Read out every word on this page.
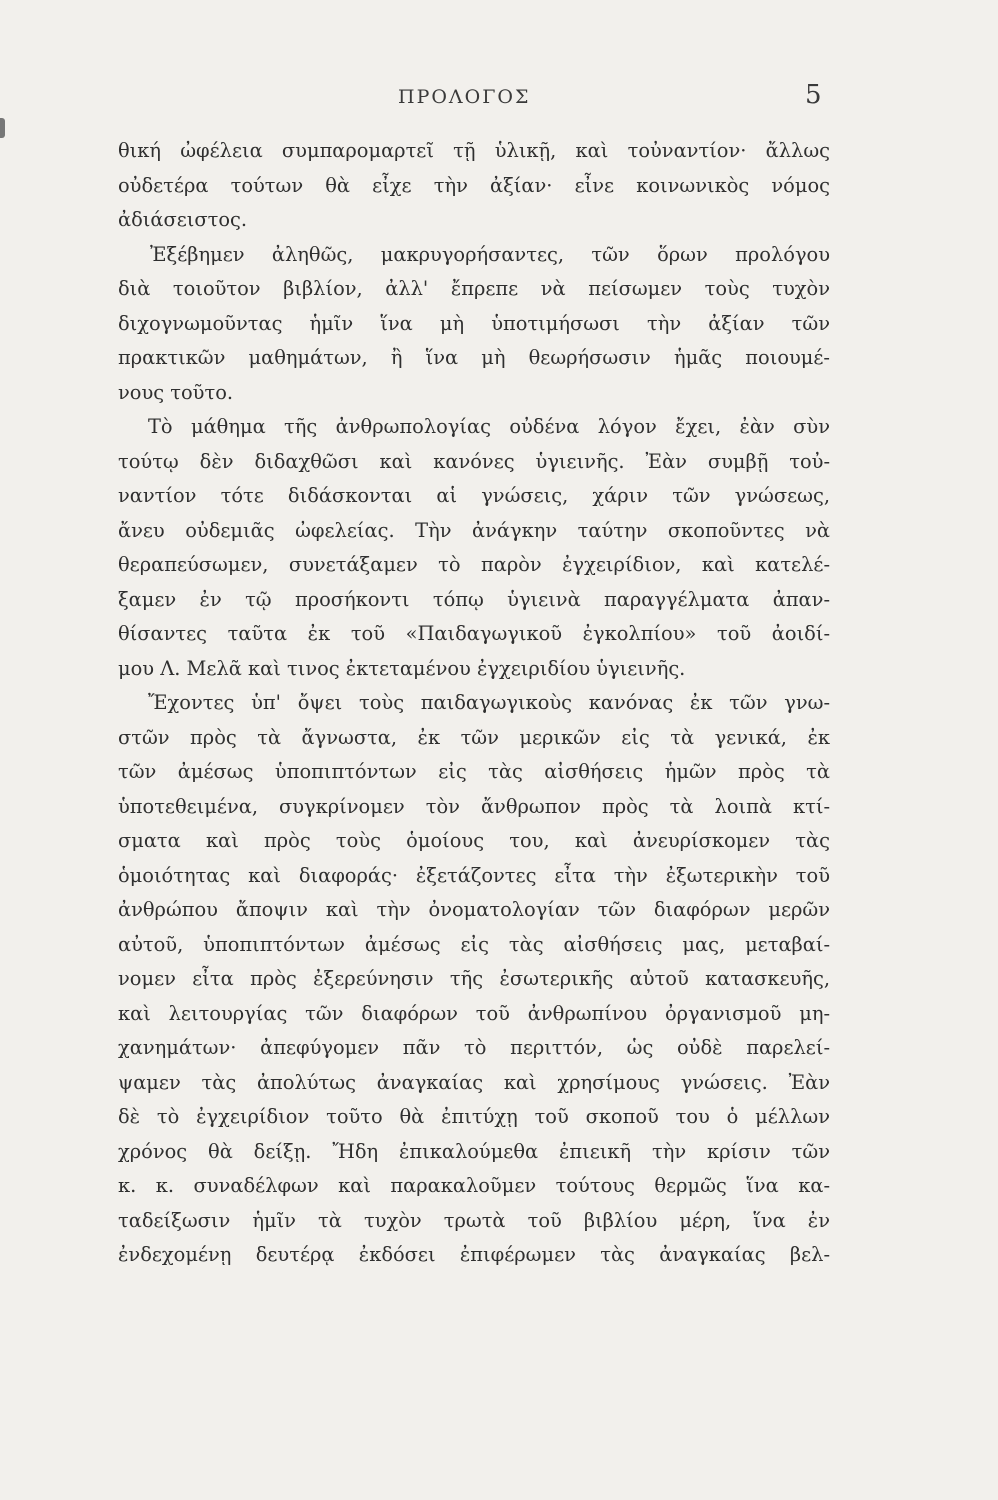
ΠΡΟΛΟΓΟΣ	5
θική ὠφέλεια συμπαρομαρτεῖ τῇ ὑλικῇ, καὶ τοὐναντίον· ἄλλως
οὐδετέρα τούτων θὰ εἶχε τὴν ἀξίαν· εἶνε κοινωνικὸς νόμος
ἀδιάσειστος.
Ἐξέβημεν ἀληθῶς, μακρυγορήσαντες, τῶν ὅρων προλόγου
διὰ τοιοῦτον βιβλίον, ἀλλ' ἔπρεπε νὰ πείσωμεν τοὺς τυχὸν
διχογνωμοῦντας ἡμῖν ἵνα μὴ ὑποτιμήσωσι τὴν ἀξίαν τῶν
πρακτικῶν μαθημάτων, ἢ ἵνα μὴ θεωρήσωσιν ἡμᾶς ποιουμέ-
νους τοῦτο.
Τὸ μάθημα τῆς ἀνθρωπολογίας οὐδένα λόγον ἔχει, ἐὰν σὺν
τούτῳ δὲν διδαχθῶσι καὶ κανόνες ὑγιεινῆς. Ἐὰν συμβῇ τοὐ-
ναντίον τότε διδάσκονται αἱ γνώσεις, χάριν τῶν γνώσεως,
ἄνευ οὐδεμιᾶς ὠφελείας. Τὴν ἀνάγκην ταύτην σκοποῦντες νὰ
θεραπεύσωμεν, συνετάξαμεν τὸ παρὸν ἐγχειρίδιον, καὶ κατελέ-
ξαμεν ἐν τῷ προσήκοντι τόπῳ ὑγιεινὰ παραγγέλματα ἀπαν-
θίσαντες ταῦτα ἐκ τοῦ «Παιδαγωγικοῦ ἐγκολπίου» τοῦ ἀοιδί-
μου Λ. Μελᾶ καὶ τινος ἐκτεταμένου ἐγχειριδίου ὑγιεινῆς.
Ἔχοντες ὑπ' ὄψει τοὺς παιδαγωγικοὺς κανόνας ἐκ τῶν γνω-
στῶν πρὸς τὰ ἄγνωστα, ἐκ τῶν μερικῶν εἰς τὰ γενικά, ἐκ
τῶν ἀμέσως ὑποπιπτόντων εἰς τὰς αἰσθήσεις ἡμῶν πρὸς τὰ
ὑποτεθειμένα, συγκρίνομεν τὸν ἄνθρωπον πρὸς τὰ λοιπὰ κτί-
σματα καὶ πρὸς τοὺς ὁμοίους του, καὶ ἀνευρίσκομεν τὰς
ὁμοιότητας καὶ διαφοράς· ἐξετάζοντες εἶτα τὴν ἐξωτερικὴν τοῦ
ἀνθρώπου ἄποψιν καὶ τὴν ὀνοματολογίαν τῶν διαφόρων μερῶν
αὐτοῦ, ὑποπιπτόντων ἀμέσως εἰς τὰς αἰσθήσεις μας, μεταβαί-
νομεν εἶτα πρὸς ἐξερεύνησιν τῆς ἐσωτερικῆς αὐτοῦ κατασκευῆς,
καὶ λειτουργίας τῶν διαφόρων τοῦ ἀνθρωπίνου ὀργανισμοῦ μη-
χανημάτων· ἀπεφύγομεν πᾶν τὸ περιττόν, ὡς οὐδὲ παρελεί-
ψαμεν τὰς ἀπολύτως ἀναγκαίας καὶ χρησίμους γνώσεις. Ἐὰν
δὲ τὸ ἐγχειρίδιον τοῦτο θὰ ἐπιτύχῃ τοῦ σκοποῦ του ὁ μέλλων
χρόνος θὰ δείξῃ. Ἤδη ἐπικαλούμεθα ἐπιεικῆ τὴν κρίσιν τῶν
κ. κ. συναδέλφων καὶ παρακαλοῦμεν τούτους θερμῶς ἵνα κα-
ταδείξωσιν ἡμῖν τὰ τυχὸν τρωτὰ τοῦ βιβλίου μέρη, ἵνα ἐν
ἐνδεχομένῃ δευτέρᾳ ἐκδόσει ἐπιφέρωμεν τὰς ἀναγκαίας βελ-
